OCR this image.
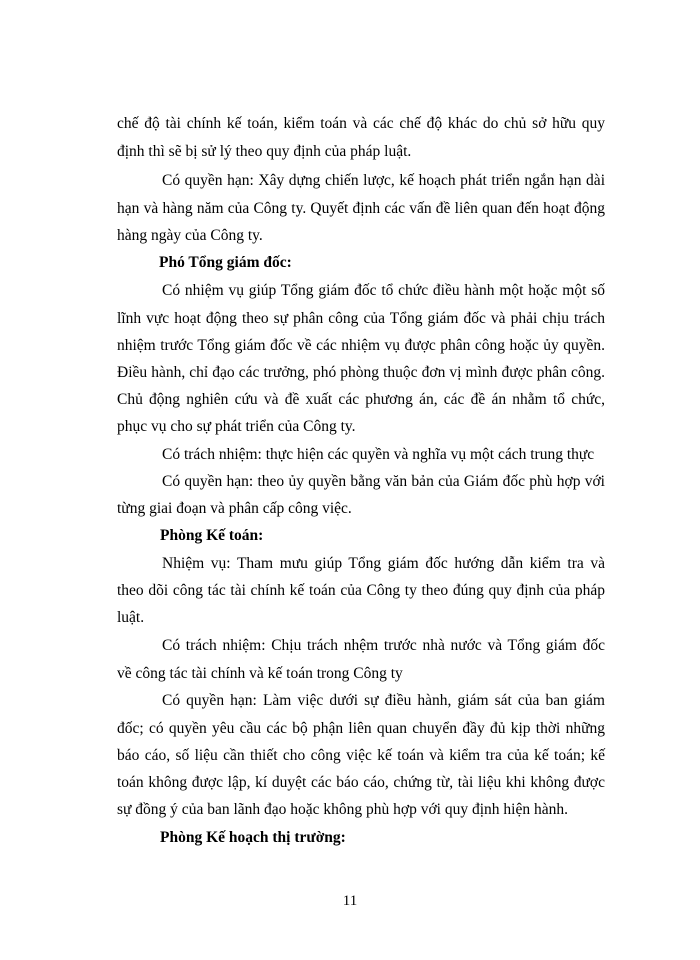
chế độ tài chính kế toán, kiểm toán và các chế độ khác do chủ sở hữu quy
định thì sẽ bị sử lý theo quy định của pháp luật.
Có quyền hạn: Xây dựng chiến lược, kế hoạch phát triển ngắn hạn dài
hạn và hàng năm của Công ty. Quyết định các vấn đề liên quan đến hoạt động
hàng ngày của Công ty.
Phó Tổng giám đốc:
Có nhiệm vụ giúp Tổng giám đốc tổ chức điều hành một hoặc một số
lĩnh vực hoạt động theo sự phân công của Tổng giám đốc và phải chịu trách
nhiệm trước Tổng giám đốc về các nhiệm vụ được phân công hoặc ủy quyền.
Điều hành, chỉ đạo các trưởng, phó phòng thuộc đơn vị mình được phân công.
Chủ động nghiên cứu và đề xuất các phương án, các đề án nhằm tổ chức,
phục vụ cho sự phát triển của Công ty.
Có trách nhiệm: thực hiện các quyền và nghĩa vụ một cách trung thực
Có quyền hạn: theo ủy quyền bằng văn bản của Giám đốc phù hợp với
từng giai đoạn và phân cấp công việc.
Phòng Kế toán:
Nhiệm vụ: Tham mưu giúp Tổng giám đốc hướng dẫn kiểm tra và
theo dõi công tác tài chính kế toán của Công ty theo đúng quy định của pháp
luật.
Có trách nhiệm: Chịu trách nhệm trước nhà nước và Tổng giám đốc
về công tác tài chính và kế toán trong Công ty
Có quyền hạn: Làm việc dưới sự điều hành, giám sát của ban giám
đốc; có quyền yêu cầu các bộ phận liên quan chuyển đầy đủ kịp thời những
báo cáo, số liệu cần thiết cho công việc kế toán và kiểm tra của kế toán; kế
toán không được lập, kí duyệt các báo cáo, chứng từ, tài liệu khi không được
sự đồng ý của ban lãnh đạo hoặc không phù hợp với quy định hiện hành.
Phòng Kế hoạch thị trường:
11
